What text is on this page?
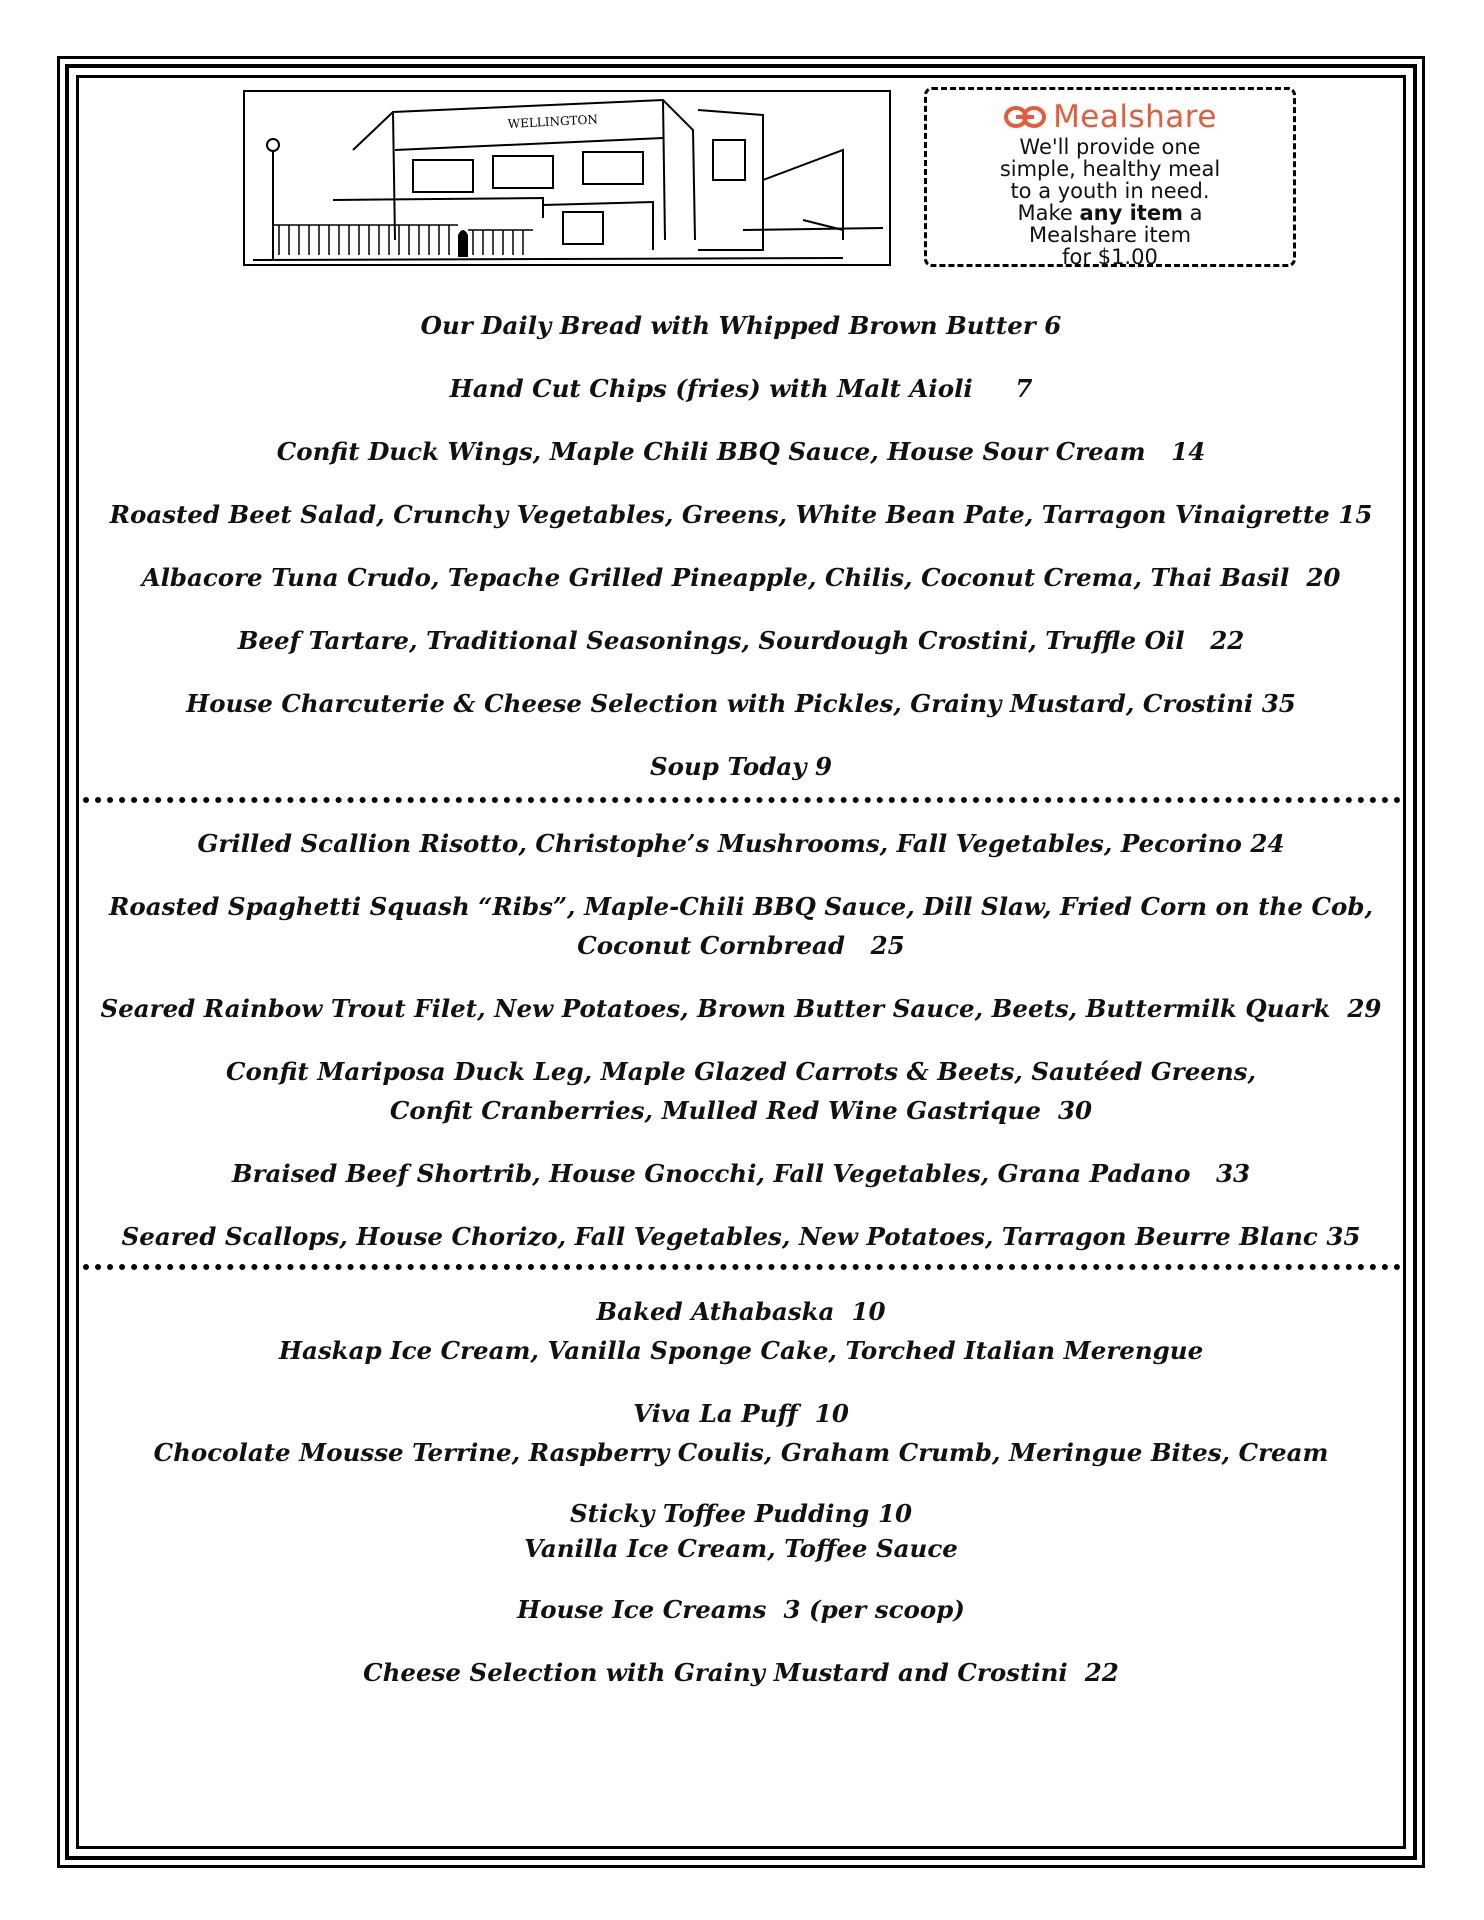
WELLINGTON	Mealshare
We'll provide one
simple, healthy meal
to a youth in need.
Make any item a
Mealshare item
for $1.00

Our Daily Bread with Whipped Brown Butter 6

Hand Cut Chips (fries) with Malt Aioli     7

Confit Duck Wings, Maple Chili BBQ Sauce, House Sour Cream   14

Roasted Beet Salad, Crunchy Vegetables, Greens, White Bean Pate, Tarragon Vinaigrette 15

Albacore Tuna Crudo, Tepache Grilled Pineapple, Chilis, Coconut Crema, Thai Basil  20

Beef Tartare, Traditional Seasonings, Sourdough Crostini, Truffle Oil   22

House Charcuterie & Cheese Selection with Pickles, Grainy Mustard, Crostini 35

Soup Today 9

Grilled Scallion Risotto, Christophe’s Mushrooms, Fall Vegetables, Pecorino 24

Roasted Spaghetti Squash “Ribs”, Maple-Chili BBQ Sauce, Dill Slaw, Fried Corn on the Cob,

Coconut Cornbread   25

Seared Rainbow Trout Filet, New Potatoes, Brown Butter Sauce, Beets, Buttermilk Quark  29

Confit Mariposa Duck Leg, Maple Glazed Carrots & Beets, Sautéed Greens,

Confit Cranberries, Mulled Red Wine Gastrique  30

Braised Beef Shortrib, House Gnocchi, Fall Vegetables, Grana Padano   33

Seared Scallops, House Chorizo, Fall Vegetables, New Potatoes, Tarragon Beurre Blanc 35

Baked Athabaska  10

Haskap Ice Cream, Vanilla Sponge Cake, Torched Italian Merengue

Viva La Puff  10

Chocolate Mousse Terrine, Raspberry Coulis, Graham Crumb, Meringue Bites, Cream

Sticky Toffee Pudding 10

Vanilla Ice Cream, Toffee Sauce

House Ice Creams  3 (per scoop)

Cheese Selection with Grainy Mustard and Crostini  22
